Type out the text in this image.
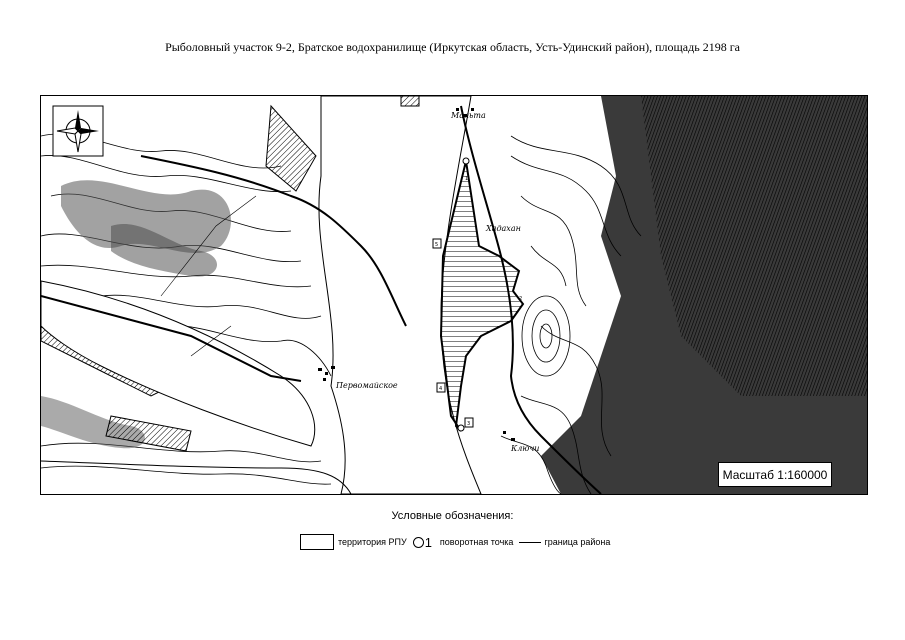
Рыболовный участок 9-2, Братское водохранилище (Иркутская область, Усть-Удинский район), площадь 2198 га
Первомайское
Хадахан
Мальта
Ключи
1
5
4
3
2
Масштаб 1:160000
Условные обозначения:
территория РПУ 1 поворотная точка	граница района
